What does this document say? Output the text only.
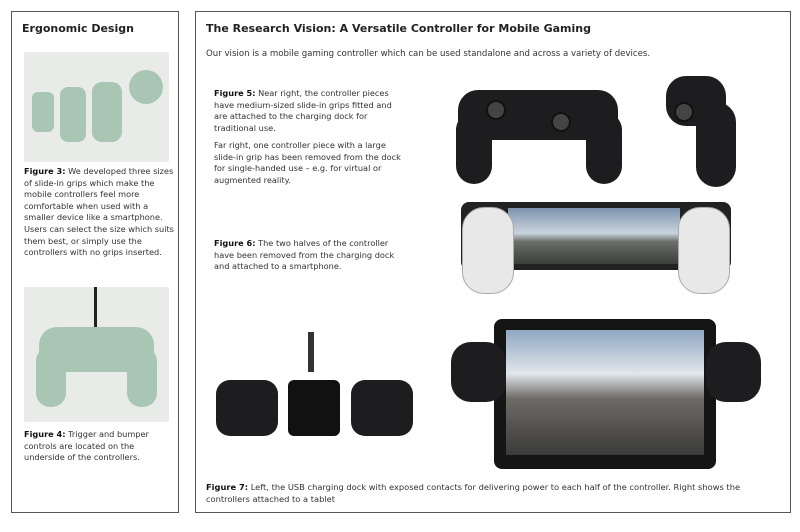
Ergonomic Design
Figure 3: We developed three sizes of slide-in grips which make the mobile controllers feel more comfortable when used with a smaller device like a smartphone. Users can select the size which suits them best, or simply use the controllers with no grips inserted.
Figure 4: Trigger and bumper controls are located on the underside of the controllers.
The Research Vision: A Versatile Controller for Mobile Gaming
Our vision is a mobile gaming controller which can be used standalone and across a variety of devices.
Figure 5: Near right, the controller pieces have medium-sized slide-in grips fitted and are attached to the charging dock for traditional use.
Far right, one controller piece with a large slide-in grip has been removed from the dock for single-handed use – e.g. for virtual or augmented reality.
Figure 6: The two halves of the controller have been removed from the charging dock and attached to a smartphone.
Figure 7: Left, the USB charging dock with exposed contacts for delivering power to each half of the controller. Right shows the controllers attached to a tablet
